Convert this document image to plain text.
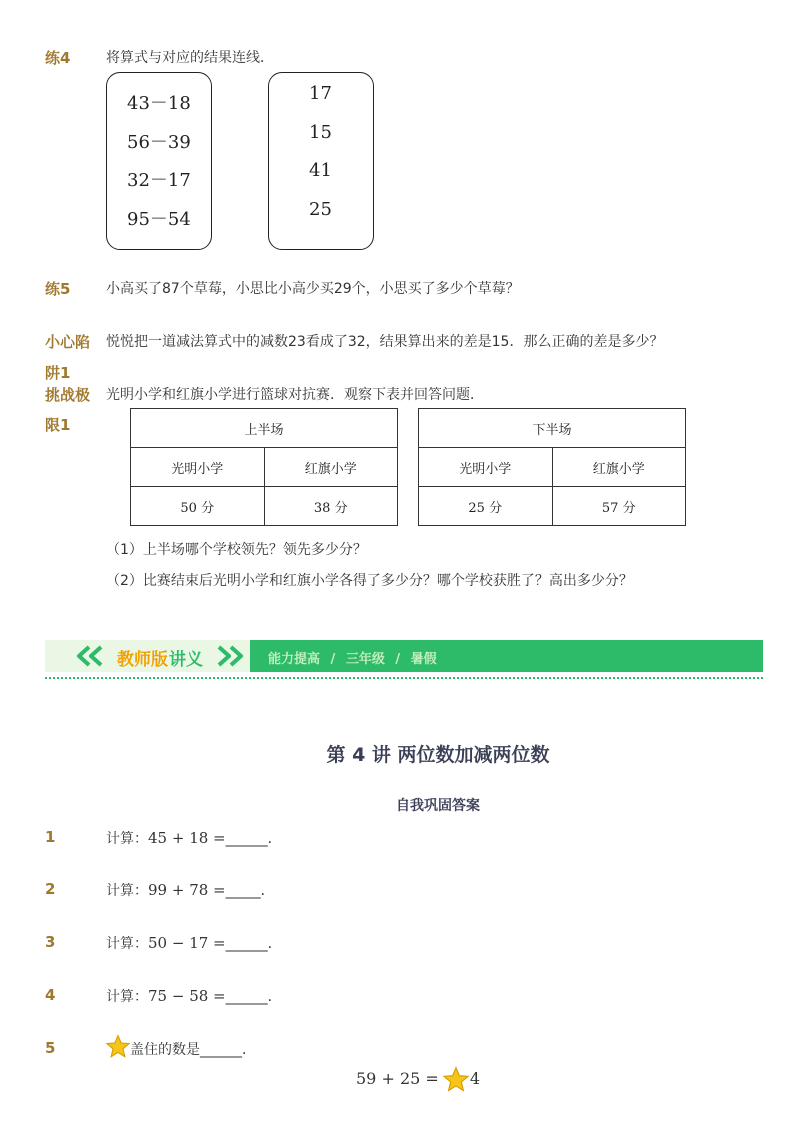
练4	将算式与对应的结果连线．
43－18
56－39
32－17
95－54
17
15
41
25
练5	小高买了87个草莓，小思比小高少买29个，小思买了多少个草莓？
小心陷
阱1
悦悦把一道减法算式中的减数23看成了32，结果算出来的差是15．那么正确的差是多少？
挑战极
限1
光明小学和红旗小学进行篮球对抗赛．观察下表并回答问题．
上半场	
光明小学	红旗小学
50 分	38 分
下半场	
光明小学	红旗小学
25 分	57 分
（1）上半场哪个学校领先？领先多少分？
（2）比赛结束后光明小学和红旗小学各得了多少分？哪个学校获胜了？高出多少分？
教师版 讲义	能力提高 / 三年级 / 暑假
第 4 讲 两位数加减两位数
自我巩固答案
1	计算：45 + 18 =______．
2	计算：99 + 78 =_____．
3	计算：50 − 17 =______．
4	计算：75 − 58 =______．
5	盖住的数是______．
59 + 25 = 4
